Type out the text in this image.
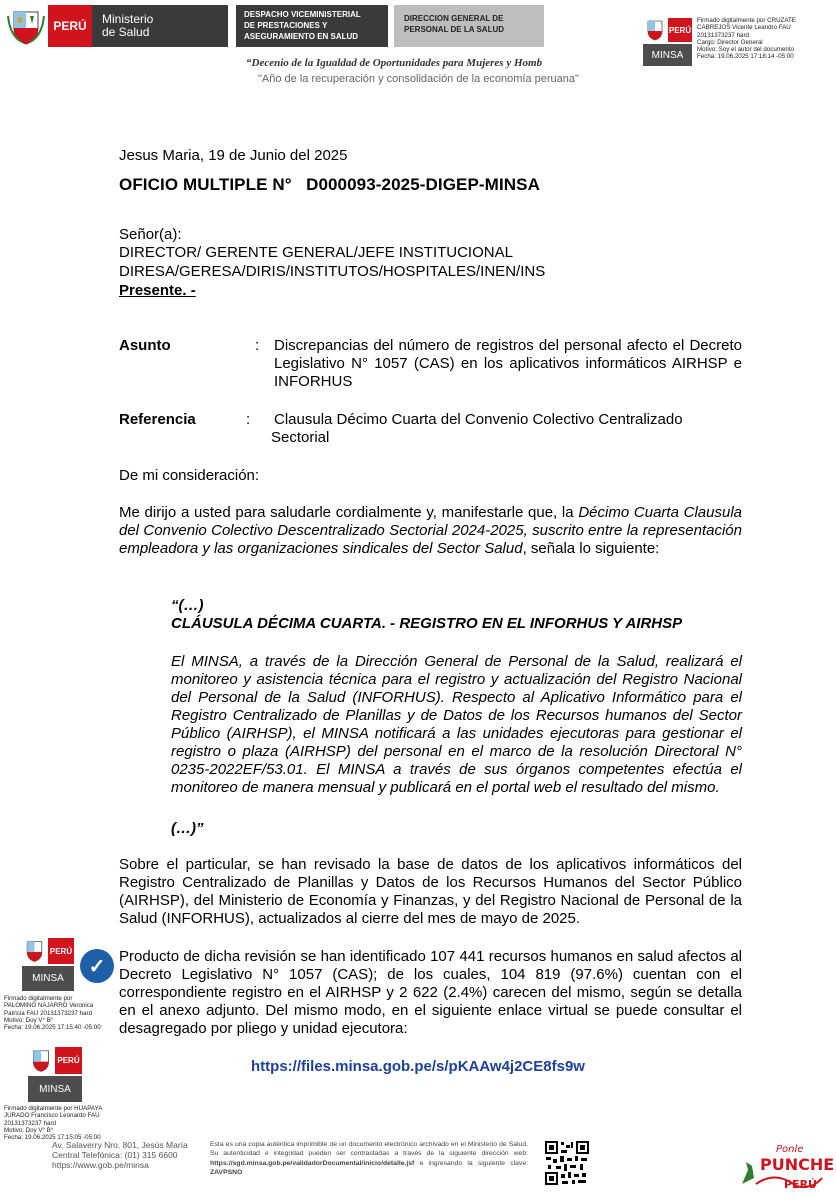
PERÚ Ministerio
de Salud
DESPACHO VICEMINISTERIAL
DE PRESTACIONES Y
ASEGURAMIENTO EN SALUD
DIRECCION GENERAL DE
PERSONAL DE LA SALUD
“Decenio de la Igualdad de Oportunidades para Mujeres y Homb
"Año de la recuperación y consolidación de la economía peruana"
PERÚ
MINSA
Firmado digitalmente por CRUZATE
CABREJOS Vicente Leandro FAU
20131373237 hard
Cargo: Director General
Motivo: Soy el autor del documento
Fecha: 19.06.2025 17:18:14 -05:00
Jesus Maria, 19 de Junio del 2025
OFICIO MULTIPLE N°   D000093-2025-DIGEP-MINSA
Señor(a):
DIRECTOR/ GERENTE GENERAL/JEFE INSTITUCIONAL
DIRESA/GERESA/DIRIS/INSTITUTOS/HOSPITALES/INEN/INS
Presente. -
Asunto	: Discrepancias del número de registros del personal afecto el Decreto Legislativo N° 1057 (CAS) en los aplicativos informáticos AIRHSP e INFORHUS
Referencia	: Clausula Décimo Cuarta del Convenio Colectivo Centralizado
Sectorial
De mi consideración:
Me dirijo a usted para saludarle cordialmente y, manifestarle que, la Décimo Cuarta Clausula del Convenio Colectivo Descentralizado Sectorial 2024-2025, suscrito entre la representación empleadora y las organizaciones sindicales del Sector Salud, señala lo siguiente:
“(…)
CLÁUSULA DÉCIMA CUARTA. - REGISTRO EN EL INFORHUS Y AIRHSP
El MINSA, a través de la Dirección General de Personal de la Salud, realizará el monitoreo y asistencia técnica para el registro y actualización del Registro Nacional del Personal de la Salud (INFORHUS). Respecto al Aplicativo Informático para el Registro Centralizado de Planillas y de Datos de los Recursos humanos del Sector Público (AIRHSP), el MINSA notificará a las unidades ejecutoras para gestionar el registro o plaza (AIRHSP) del personal en el marco de la resolución Directoral N° 0235-2022EF/53.01. El MINSA a través de sus órganos competentes efectúa el monitoreo de manera mensual y publicará en el portal web el resultado del mismo.
(…)”
Sobre el particular, se han revisado la base de datos de los aplicativos informáticos del Registro Centralizado de Planillas y Datos de los Recursos Humanos del Sector Público (AIRHSP), del Ministerio de Economía y Finanzas, y del Registro Nacional de Personal de la Salud (INFORHUS), actualizados al cierre del mes de mayo de 2025.
Producto de dicha revisión se han identificado 107 441 recursos humanos en salud afectos al Decreto Legislativo N° 1057 (CAS); de los cuales, 104 819 (97.6%) cuentan con el correspondiente registro en el AIRHSP y 2 622 (2.4%) carecen del mismo, según se detalla en el anexo adjunto. Del mismo modo, en el siguiente enlace virtual se puede consultar el desagregado por pliego y unidad ejecutora:
https://files.minsa.gob.pe/s/pKAAw4j2CE8fs9w
PERÚ
MINSA
✓
Firmado digitalmente por
PALOMINO NAJARRO Veronica
Patricia FAU 20131373237 hard
Motivo: Doy V° B°
Fecha: 19.06.2025 17:15:40 -05:00
PERÚ
MINSA
Firmado digitalmente por HUAPAYA
JURADO Francisco Leonardo FAU
20131373237 hard
Motivo: Doy V° B°
Fecha: 19.06.2025 17:15:05 -05:00
Av. Salaverry Nro. 801, Jesús María
Central Telefónica: (01) 315 6600
https://www.gob.pe/minsa
Esta es una copia auténtica imprimible de un documento electrónico archivado en el Ministerio de Salud. Su autenticidad e integridad pueden ser contrastadas a través de la siguiente dirección web: https://sgd.minsa.gob.pe/validadorDocumental/inicio/detalle.jsf e ingresando la siguiente clave: ZAVPSNO
Ponle
PUNCHE
PERÚ
